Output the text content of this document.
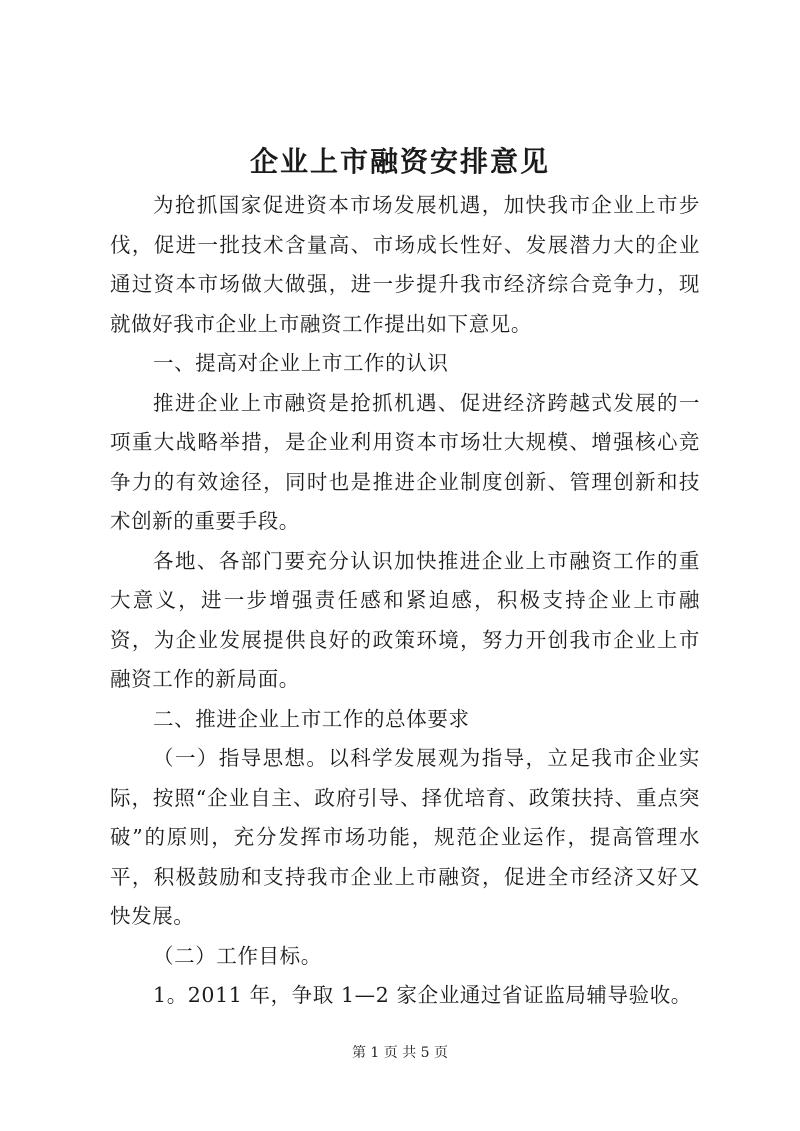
企业上市融资安排意见

为抢抓国家促进资本市场发展机遇，加快我市企业上市步伐，促进一批技术含量高、市场成长性好、发展潜力大的企业通过资本市场做大做强，进一步提升我市经济综合竞争力，现就做好我市企业上市融资工作提出如下意见。

一、提高对企业上市工作的认识

推进企业上市融资是抢抓机遇、促进经济跨越式发展的一项重大战略举措，是企业利用资本市场壮大规模、增强核心竞争力的有效途径，同时也是推进企业制度创新、管理创新和技术创新的重要手段。

各地、各部门要充分认识加快推进企业上市融资工作的重大意义，进一步增强责任感和紧迫感，积极支持企业上市融资，为企业发展提供良好的政策环境，努力开创我市企业上市融资工作的新局面。

二、推进企业上市工作的总体要求

（一）指导思想。以科学发展观为指导，立足我市企业实际，按照“企业自主、政府引导、择优培育、政策扶持、重点突破”的原则，充分发挥市场功能，规范企业运作，提高管理水平，积极鼓励和支持我市企业上市融资，促进全市经济又好又快发展。

（二）工作目标。

1。2011 年，争取 1—2 家企业通过省证监局辅导验收。

第 1 页 共 5 页
